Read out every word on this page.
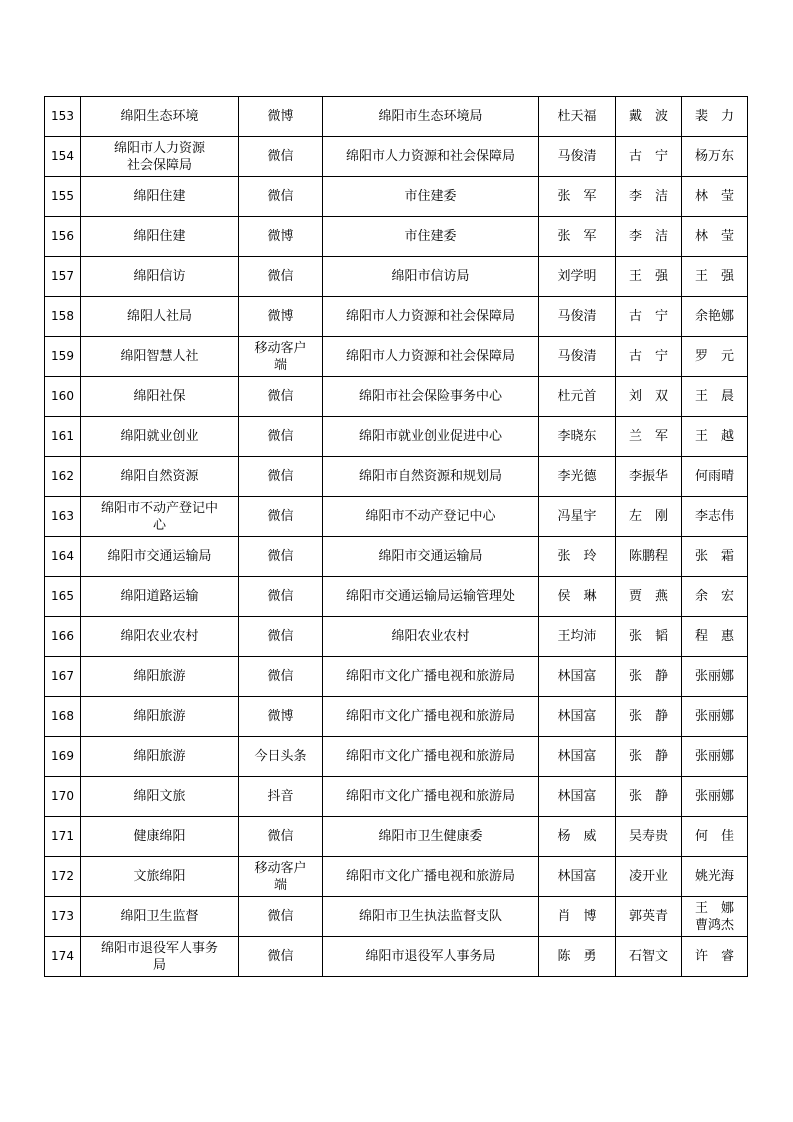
153	绵阳生态环境	微博	绵阳市生态环境局	杜天福	戴　波	裴　力

154	绵阳市人力资源
社会保障局	微信	绵阳市人力资源和社会保障局	马俊清	古　宁	杨万东

155	绵阳住建	微信	市住建委	张　军	李　洁	林　莹

156	绵阳住建	微博	市住建委	张　军	李　洁	林　莹

157	绵阳信访	微信	绵阳市信访局	刘学明	王　强	王　强

158	绵阳人社局	微博	绵阳市人力资源和社会保障局	马俊清	古　宁	余艳娜

159	绵阳智慧人社	移动客户
端	绵阳市人力资源和社会保障局	马俊清	古　宁	罗　元

160	绵阳社保	微信	绵阳市社会保险事务中心	杜元首	刘　双	王　晨

161	绵阳就业创业	微信	绵阳市就业创业促进中心	李晓东	兰　军	王　越

162	绵阳自然资源	微信	绵阳市自然资源和规划局	李光德	李振华	何雨晴

163	绵阳市不动产登记中
心	微信	绵阳市不动产登记中心	冯星宇	左　刚	李志伟

164	绵阳市交通运输局	微信	绵阳市交通运输局	张　玲	陈鹏程	张　霜

165	绵阳道路运输	微信	绵阳市交通运输局运输管理处	侯　琳	贾　燕	余　宏

166	绵阳农业农村	微信	绵阳农业农村	王均沛	张　韬	程　惠

167	绵阳旅游	微信	绵阳市文化广播电视和旅游局	林国富	张　静	张丽娜

168	绵阳旅游	微博	绵阳市文化广播电视和旅游局	林国富	张　静	张丽娜

169	绵阳旅游	今日头条	绵阳市文化广播电视和旅游局	林国富	张　静	张丽娜

170	绵阳文旅	抖音	绵阳市文化广播电视和旅游局	林国富	张　静	张丽娜

171	健康绵阳	微信	绵阳市卫生健康委	杨　威	吴寿贵	何　佳

172	文旅绵阳	移动客户
端	绵阳市文化广播电视和旅游局	林国富	凌开业	姚光海

173	绵阳卫生监督	微信	绵阳市卫生执法监督支队	肖　博	郭英青	王　娜
曹鸿杰

174	绵阳市退役军人事务
局	微信	绵阳市退役军人事务局	陈　勇	石智文	许　睿
